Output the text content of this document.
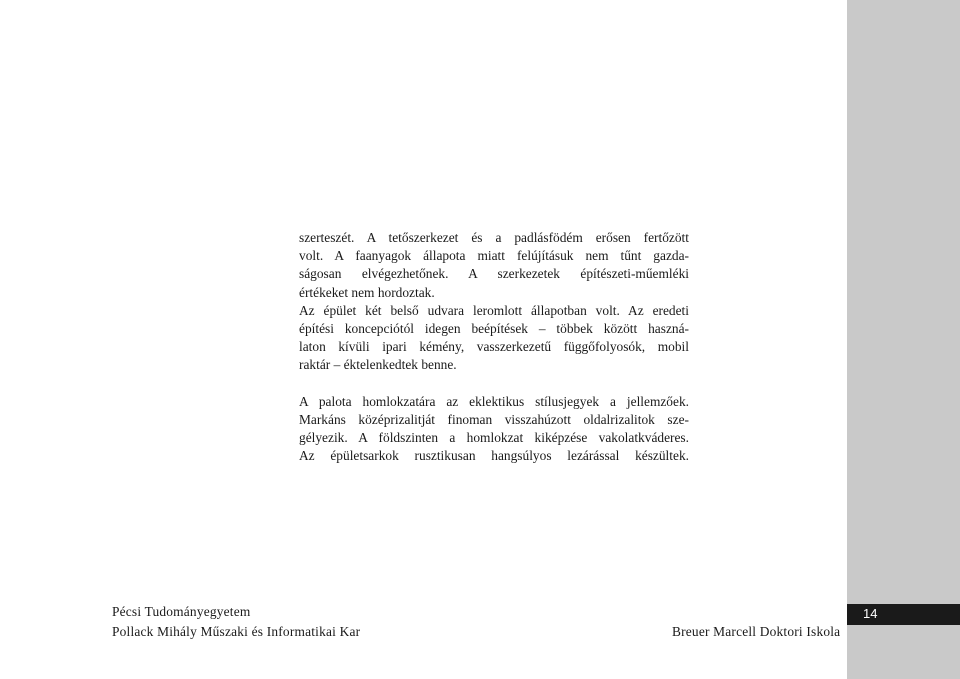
14

szerteszét. A tetőszerkezet és a padlásfödém erősen fertőzött
volt. A faanyagok állapota miatt felújításuk nem tűnt gazda-
ságosan elvégezhetőnek. A szerkezetek építészeti-műemléki
értékeket nem hordoztak.

Az épület két belső udvara leromlott állapotban volt. Az eredeti
építési koncepciótól idegen beépítések – többek között haszná-
laton kívüli ipari kémény, vasszerkezetű függőfolyosók, mobil
raktár – éktelenkedtek benne.

A palota homlokzatára az eklektikus stílusjegyek a jellemzőek.
Markáns középrizalitját finoman visszahúzott oldalrizalitok sze-
gélyezik. A földszinten a homlokzat kiképzése vakolatkváderes.
Az épületsarkok rusztikusan hangsúlyos lezárással készültek.

Pécsi Tudományegyetem
Pollack Mihály Műszaki és Informatikai Kar	Breuer Marcell Doktori Iskola
